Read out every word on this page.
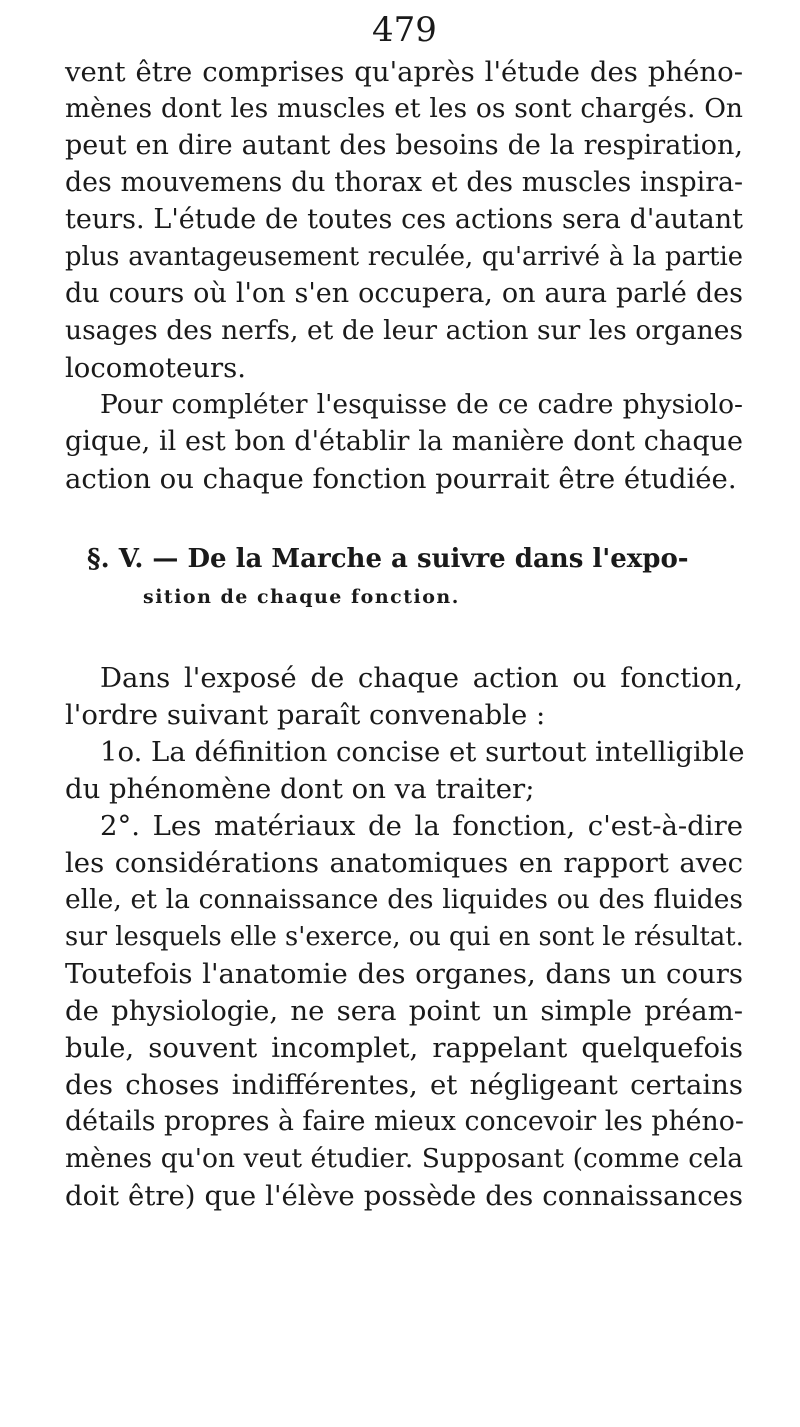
479
vent être comprises qu'après l'étude des phéno-
mènes dont les muscles et les os sont chargés. On
peut en dire autant des besoins de la respiration,
des mouvemens du thorax et des muscles inspira-
teurs. L'étude de toutes ces actions sera d'autant
plus avantageusement reculée, qu'arrivé à la partie
du cours où l'on s'en occupera, on aura parlé des
usages des nerfs, et de leur action sur les organes
locomoteurs.
Pour compléter l'esquisse de ce cadre physiolo-
gique, il est bon d'établir la manière dont chaque
action ou chaque fonction pourrait être étudiée.
§. V. — De la Marche a suivre dans l'expo-
sition de chaque fonction.
Dans l'exposé de chaque action ou fonction,
l'ordre suivant paraît convenable :
1o. La définition concise et surtout intelligible
du phénomène dont on va traiter;
2°. Les matériaux de la fonction, c'est-à-dire
les considérations anatomiques en rapport avec
elle, et la connaissance des liquides ou des fluides
sur lesquels elle s'exerce, ou qui en sont le résultat.
Toutefois l'anatomie des organes, dans un cours
de physiologie, ne sera point un simple préam-
bule, souvent incomplet, rappelant quelquefois
des choses indifférentes, et négligeant certains
détails propres à faire mieux concevoir les phéno-
mènes qu'on veut étudier. Supposant (comme cela
doit être) que l'élève possède des connaissances
